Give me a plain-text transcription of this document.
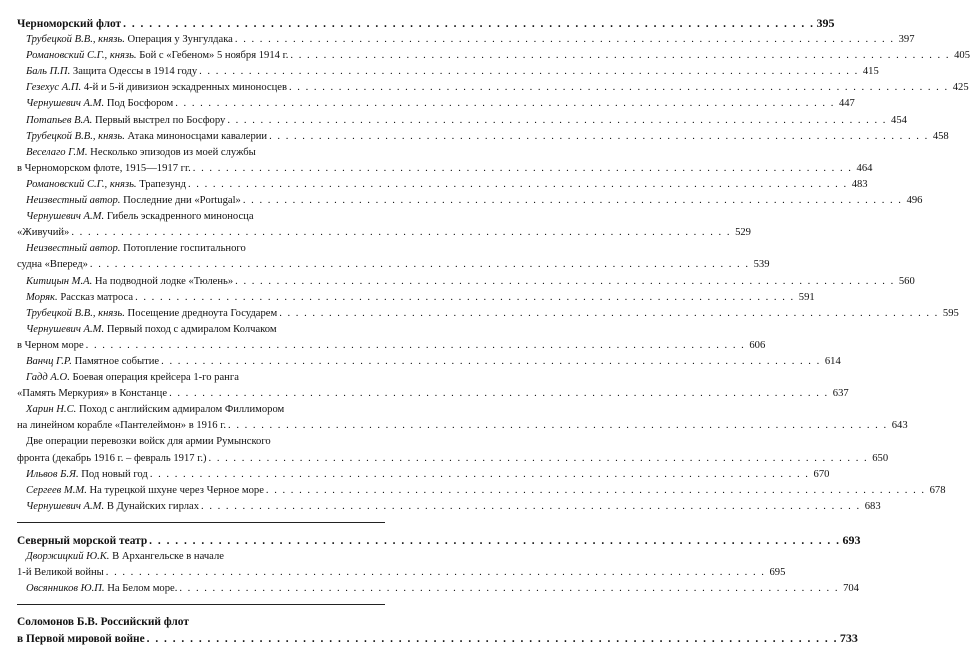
Черноморский флот . . .	395
Трубецкой В.В., князь. Операция у Зунгулдака . . .	397
Романовский С.Г., князь. Бой с «Гебеном» 5 ноября 1914 г. . . .	405
Баль П.П. Защита Одессы в 1914 году . . .	415
Гезехус А.П. 4-й и 5-й дивизион эскадренных миноносцев . . .	425
Чернушевич А.М. Под Босфором . . .	447
Потапьев В.А. Первый выстрел по Босфору . . .	454
Трубецкой В.В., князь. Атака миноносцами кавалерии . . .	458
Веселаго Г.М. Несколько эпизодов из моей службы
в Черноморском флоте, 1915—1917 гг. . . .	464
Романовский С.Г., князь. Трапезунд . . .	483
Неизвестный автор. Последние дни «Portugal» . . .	496
Чернушевич А.М. Гибель эскадренного миноносца
«Живучий» . . .	529
Неизвестный автор. Потопление госпитального
судна «Вперед» . . .	539
Китицын М.А. На подводной лодке «Тюлень» . . .	560
Моряк. Рассказ матроса . . .	591
Трубецкой В.В., князь. Посещение дредноута Государем . . .	595
Чернушевич А.М. Первый поход с адмиралом Колчаком
в Черном море . . .	606
Ванчц Г.Р. Памятное событие . . .	614
Гадд А.О. Боевая операция крейсера 1-го ранга
«Память Меркурия» в Констанце . . .	637
Харин Н.С. Поход с английским адмиралом Филлимором
на линейном корабле «Пантелеймон» в 1916 г. . . .	643
Две операции перевозки войск для армии Румынского
фронта (декабрь 1916 г. – февраль 1917 г.) . . .	650
Ильвов Б.Я. Под новый год . . .	670
Сергеев М.М. На турецкой шхуне через Черное море . . .	678
Чернушевич А.М. В Дунайских гирлах . . .	683
Северный морской театр . . .	693
Дворжицкий Ю.К. В Архангельске в начале
1-й Великой войны . . .	695
Овсянников Ю.П. На Белом море. . . .	704
Соломонов Б.В. Российский флот
в Первой мировой войне . . .	733
